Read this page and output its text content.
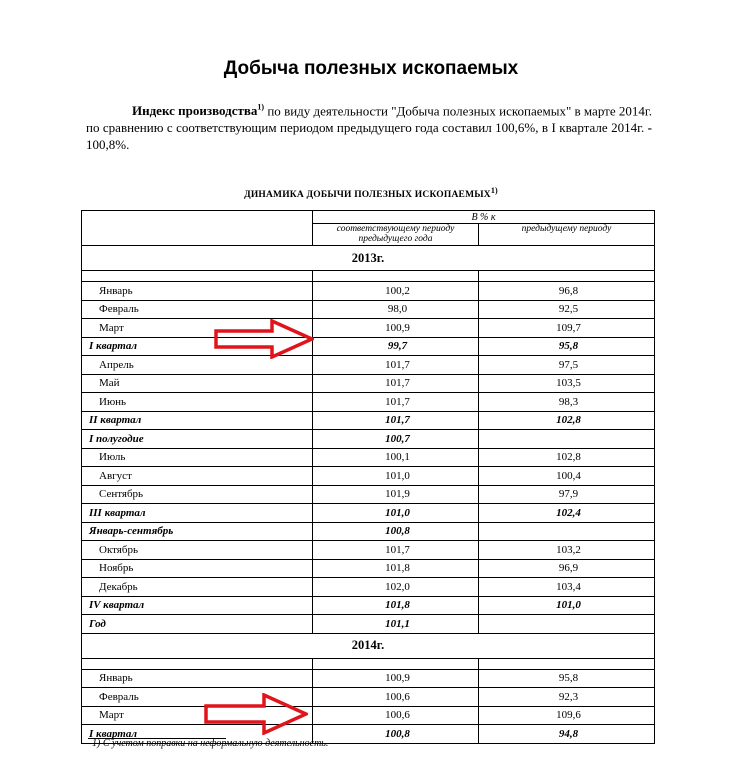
Добыча полезных ископаемых

Индекс производства$^{1)}$ по виду деятельности "Добыча полезных ископаемых" в марте 2014г. по сравнению с соответствующим периодом предыдущего года составил 100,6%, в I квартале 2014г. - 100,8%.

ДИНАМИКА ДОБЫЧИ ПОЛЕЗНЫХ ИСКОПАЕМЫХ$^{1)}$
	В % к	
	соответствующему периоду предыдущего года	предыдущему периоду
2013г.		

Январь	100,2	96,8
Февраль	98,0	92,5
Март	100,9	109,7
I квартал	99,7	95,8
Апрель	101,7	97,5
Май	101,7	103,5
Июнь	101,7	98,3
II квартал	101,7	102,8
I полугодие	100,7	
Июль	100,1	102,8
Август	101,0	100,4
Сентябрь	101,9	97,9
III квартал	101,0	102,4
Январь-сентябрь	100,8	
Октябрь	101,7	103,2
Ноябрь	101,8	96,9
Декабрь	102,0	103,4
IV квартал	101,8	101,0
Год	101,1	
2014г.		

Январь	100,9	95,8
Февраль	100,6	92,3
Март	100,6	109,6
I квартал	100,8	94,8
1) С учетом поправки на неформальную деятельность.
